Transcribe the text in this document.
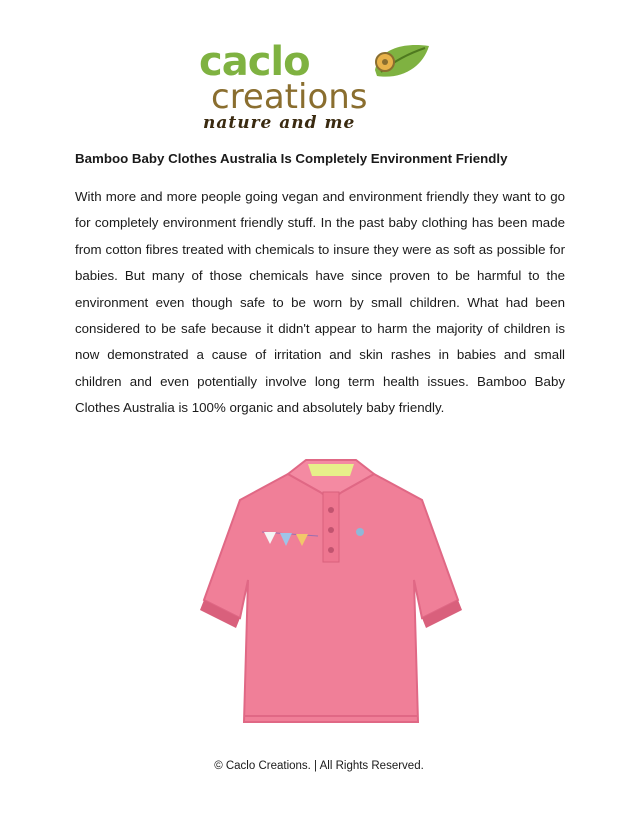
caclo
creations
nature and me
Bamboo Baby Clothes Australia Is Completely Environment Friendly

With more and more people going vegan and environment friendly they want to go for completely environment friendly stuff. In the past baby clothing has been made from cotton fibres treated with chemicals to insure they were as soft as possible for babies. But many of those chemicals have since proven to be harmful to the environment even though safe to be worn by small children. What had been considered to be safe because it didn't appear to harm the majority of children is now demonstrated a cause of irritation and skin rashes in babies and small children and even potentially involve long term health issues. Bamboo Baby Clothes Australia is 100% organic and absolutely baby friendly.

© Caclo Creations. | All Rights Reserved.
